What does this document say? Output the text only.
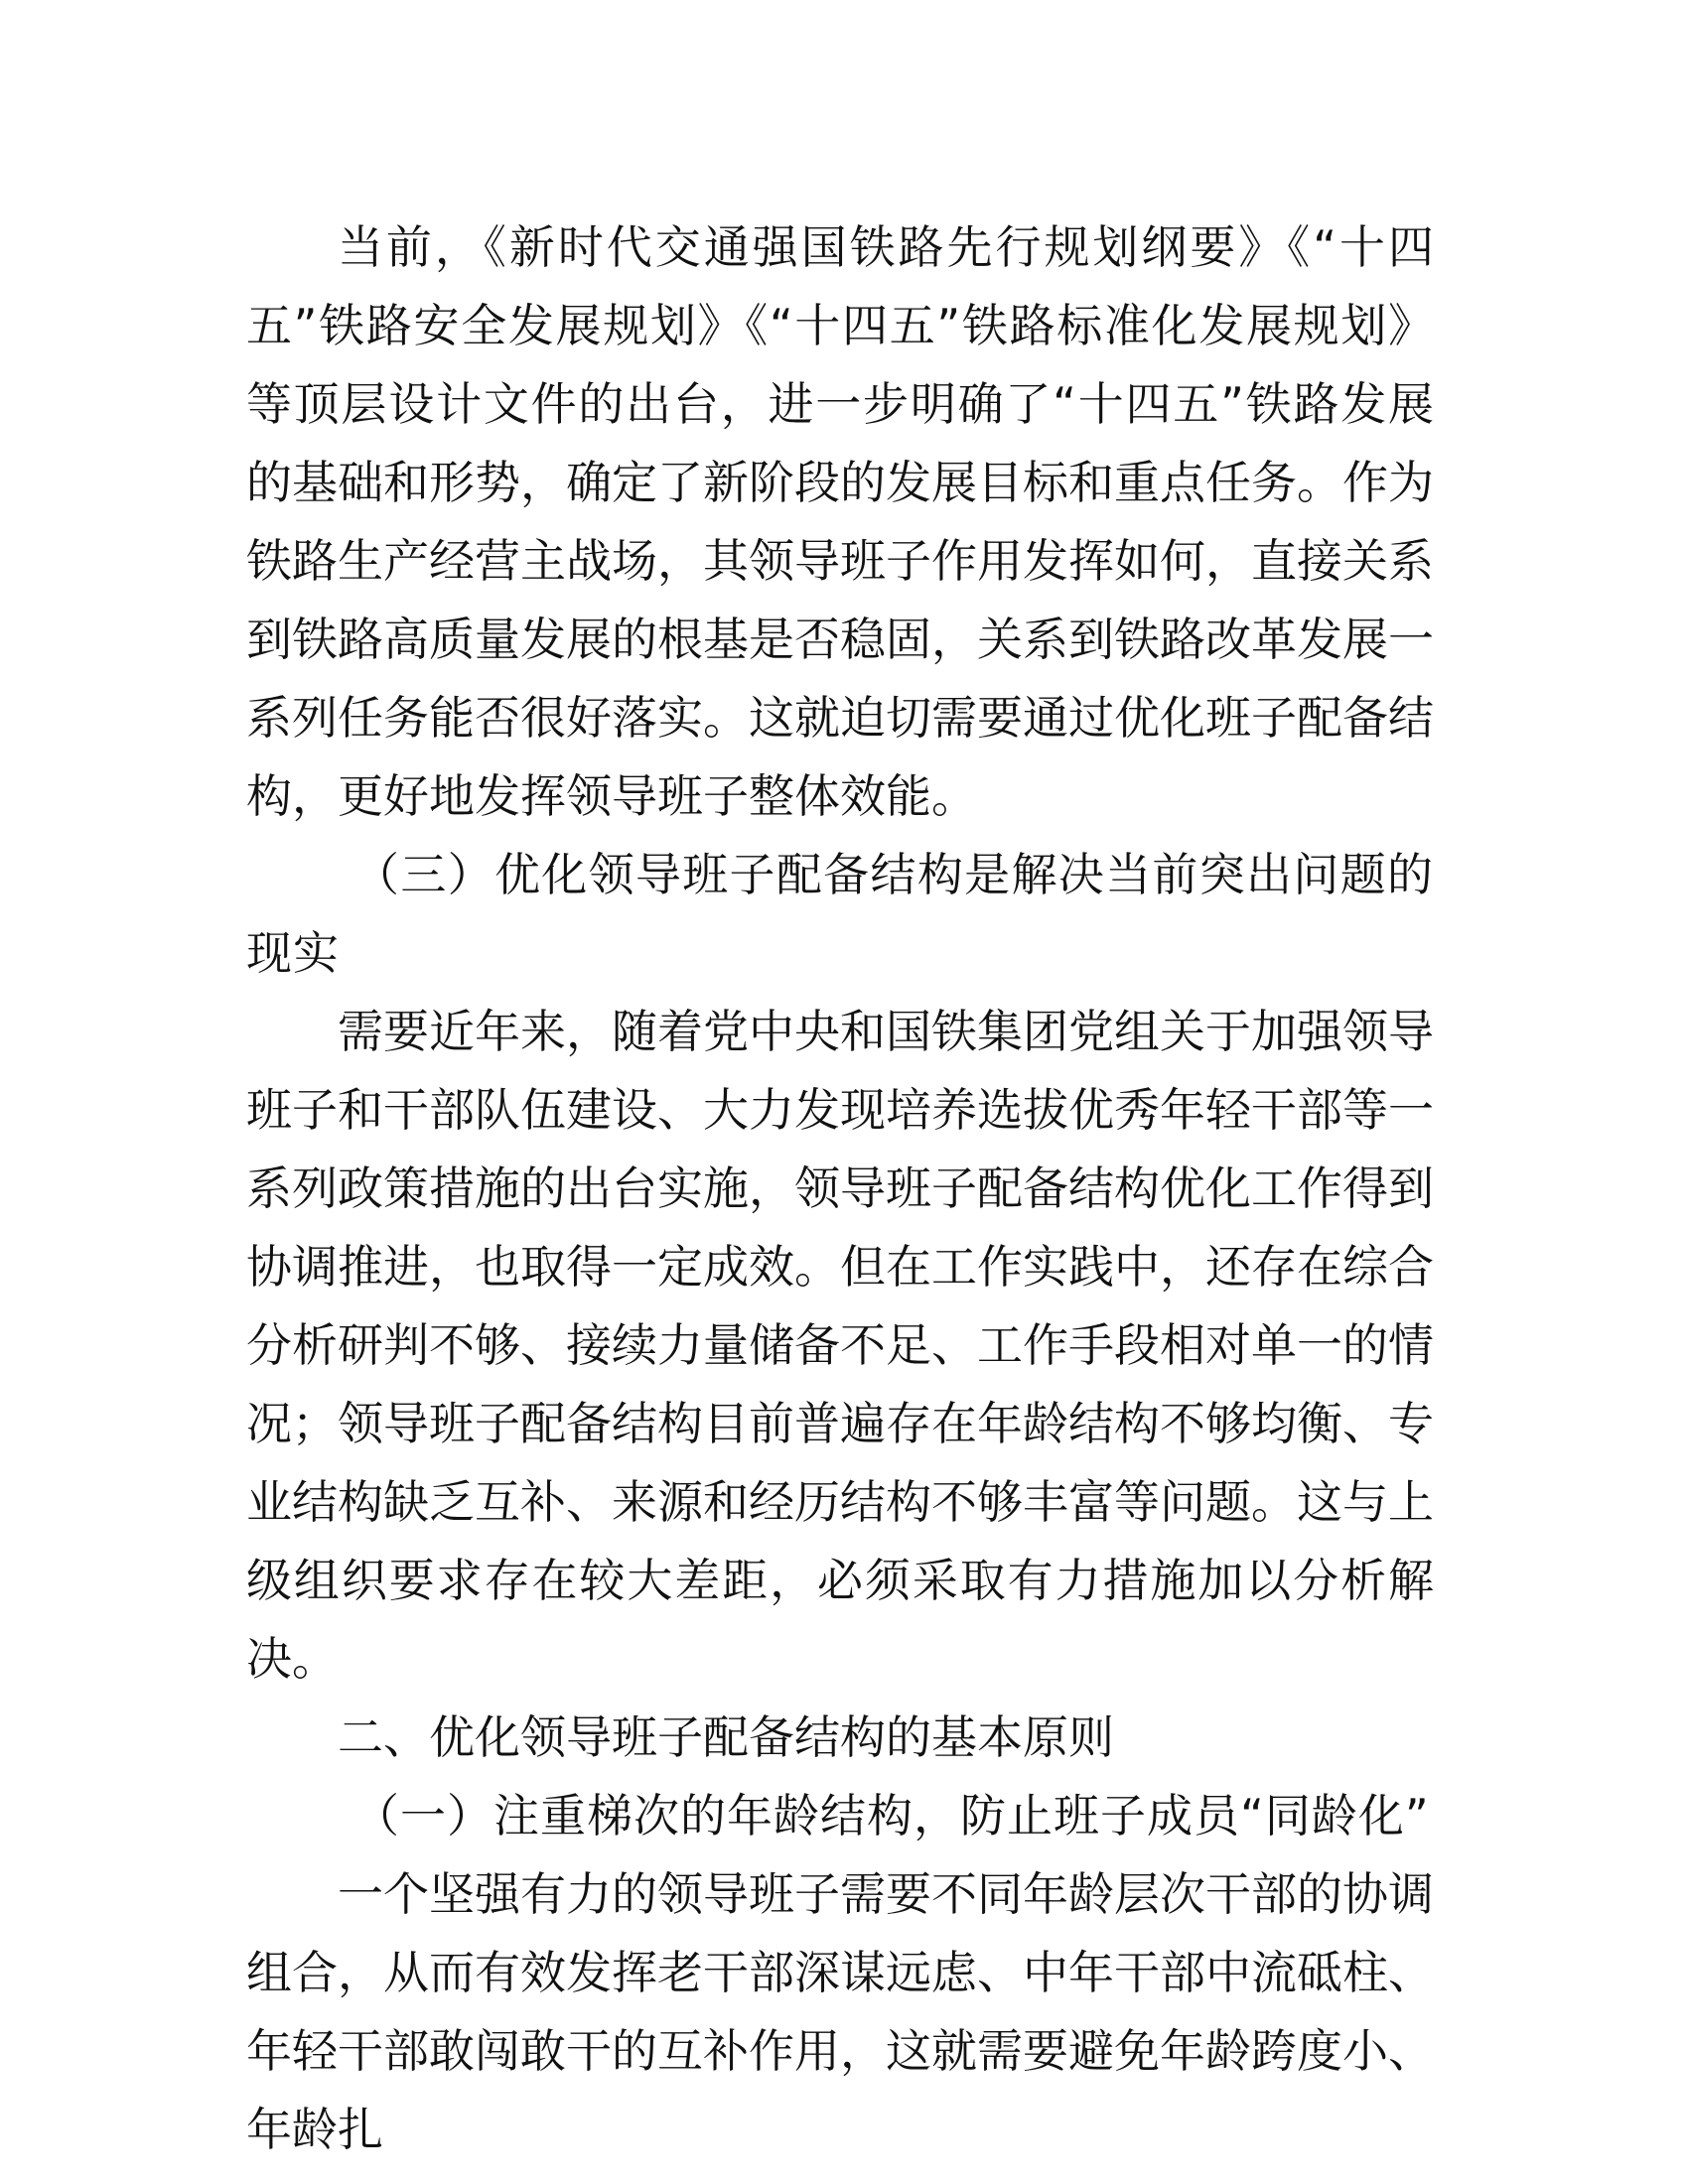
当前，《新时代交通强国铁路先行规划纲要》《“十四五”铁路安全发展规划》《“十四五”铁路标准化发展规划》等顶层设计文件的出台，进一步明确了“十四五”铁路发展的基础和形势，确定了新阶段的发展目标和重点任务。作为铁路生产经营主战场，其领导班子作用发挥如何，直接关系到铁路高质量发展的根基是否稳固，关系到铁路改革发展一系列任务能否很好落实。这就迫切需要通过优化班子配备结构，更好地发挥领导班子整体效能。

（三）优化领导班子配备结构是解决当前突出问题的现实

需要近年来，随着党中央和国铁集团党组关于加强领导班子和干部队伍建设、大力发现培养选拔优秀年轻干部等一系列政策措施的出台实施，领导班子配备结构优化工作得到协调推进，也取得一定成效。但在工作实践中，还存在综合分析研判不够、接续力量储备不足、工作手段相对单一的情况；领导班子配备结构目前普遍存在年龄结构不够均衡、专业结构缺乏互补、来源和经历结构不够丰富等问题。这与上级组织要求存在较大差距，必须采取有力措施加以分析解决。

二、优化领导班子配备结构的基本原则

（一）注重梯次的年龄结构，防止班子成员“同龄化”

一个坚强有力的领导班子需要不同年龄层次干部的协调组合，从而有效发挥老干部深谋远虑、中年干部中流砥柱、年轻干部敢闯敢干的互补作用，这就需要避免年龄跨度小、年龄扎
